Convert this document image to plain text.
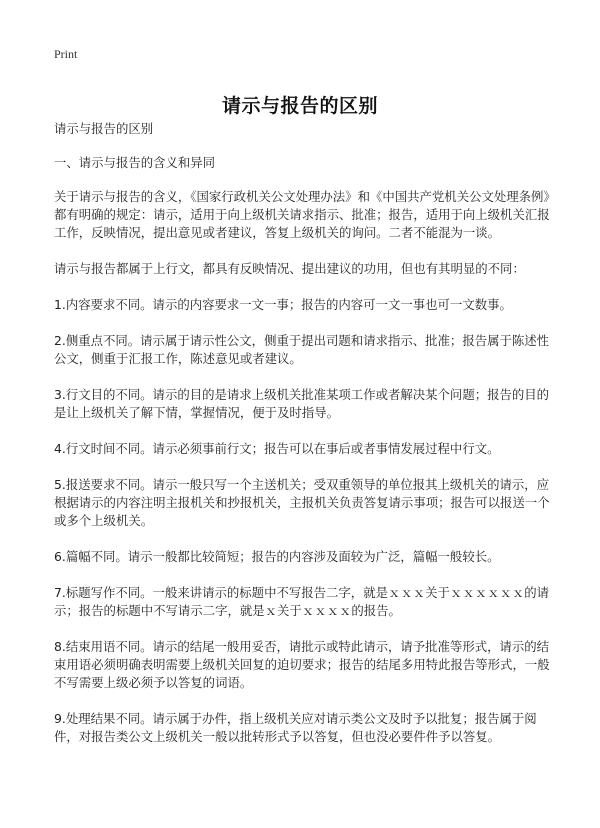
Print
请示与报告的区别

请示与报告的区别

一、请示与报告的含义和异同

关于请示与报告的含义，《国家行政机关公文处理办法》和《中国共产党机关公文处理条例》都有明确的规定：请示，适用于向上级机关请求指示、批准；报告，适用于向上级机关汇报工作，反映情况，提出意见或者建议，答复上级机关的询问。二者不能混为一谈。

请示与报告都属于上行文，都具有反映情况、提出建议的功用，但也有其明显的不同：

1.内容要求不同。请示的内容要求一文一事；报告的内容可一文一事也可一文数事。

2.侧重点不同。请示属于请示性公文，侧重于提出司题和请求指示、批准；报告属于陈述性公文，侧重于汇报工作，陈述意见或者建议。

3.行文目的不同。请示的目的是请求上级机关批准某项工作或者解决某个问题；报告的目的是让上级机关了解下情，掌握情况，便于及时指导。

4.行文时间不同。请示必须事前行文；报告可以在事后或者事情发展过程中行文。

5.报送要求不同。请示一般只写一个主送机关；受双重领导的单位报其上级机关的请示，应根据请示的内容注明主报机关和抄报机关，主报机关负责答复请示事项；报告可以报送一个或多个上级机关。

6.篇幅不同。请示一般都比较简短；报告的内容涉及面较为广泛，篇幅一般较长。

7.标题写作不同。一般来讲请示的标题中不写报告二字，就是ｘｘｘ关于ｘｘｘｘｘｘ的请示；报告的标题中不写请示二字，就是ｘ关于ｘｘｘｘ的报告。

8.结束用语不同。请示的结尾一般用妥否，请批示或特此请示，请予批准等形式，请示的结束用语必须明确表明需要上级机关回复的迫切要求；报告的结尾多用特此报告等形式，一般不写需要上级必须予以答复的词语。

9.处理结果不同。请示属于办件，指上级机关应对请示类公文及时予以批复；报告属于阅件，对报告类公文上级机关一般以批转形式予以答复，但也没必要件件予以答复。
